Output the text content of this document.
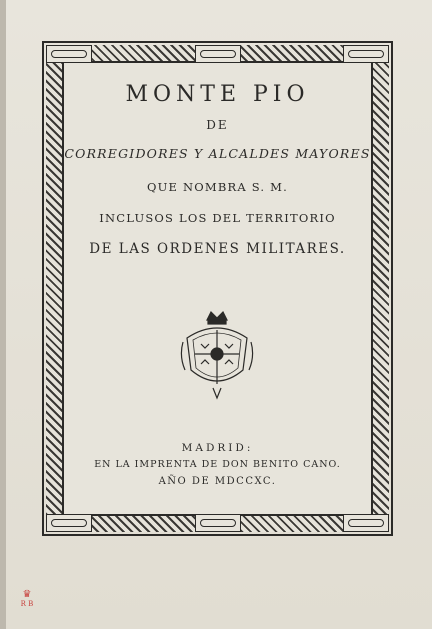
MONTE PIO
DE
CORREGIDORES Y ALCALDES MAYORES
QUE NOMBRA S. M.
INCLUSOS LOS DEL TERRITORIO
DE LAS ORDENES MILITARES.
MADRID:
EN LA IMPRENTA DE DON BENITO CANO.
AÑO DE MDCCXC.
♛
R B
